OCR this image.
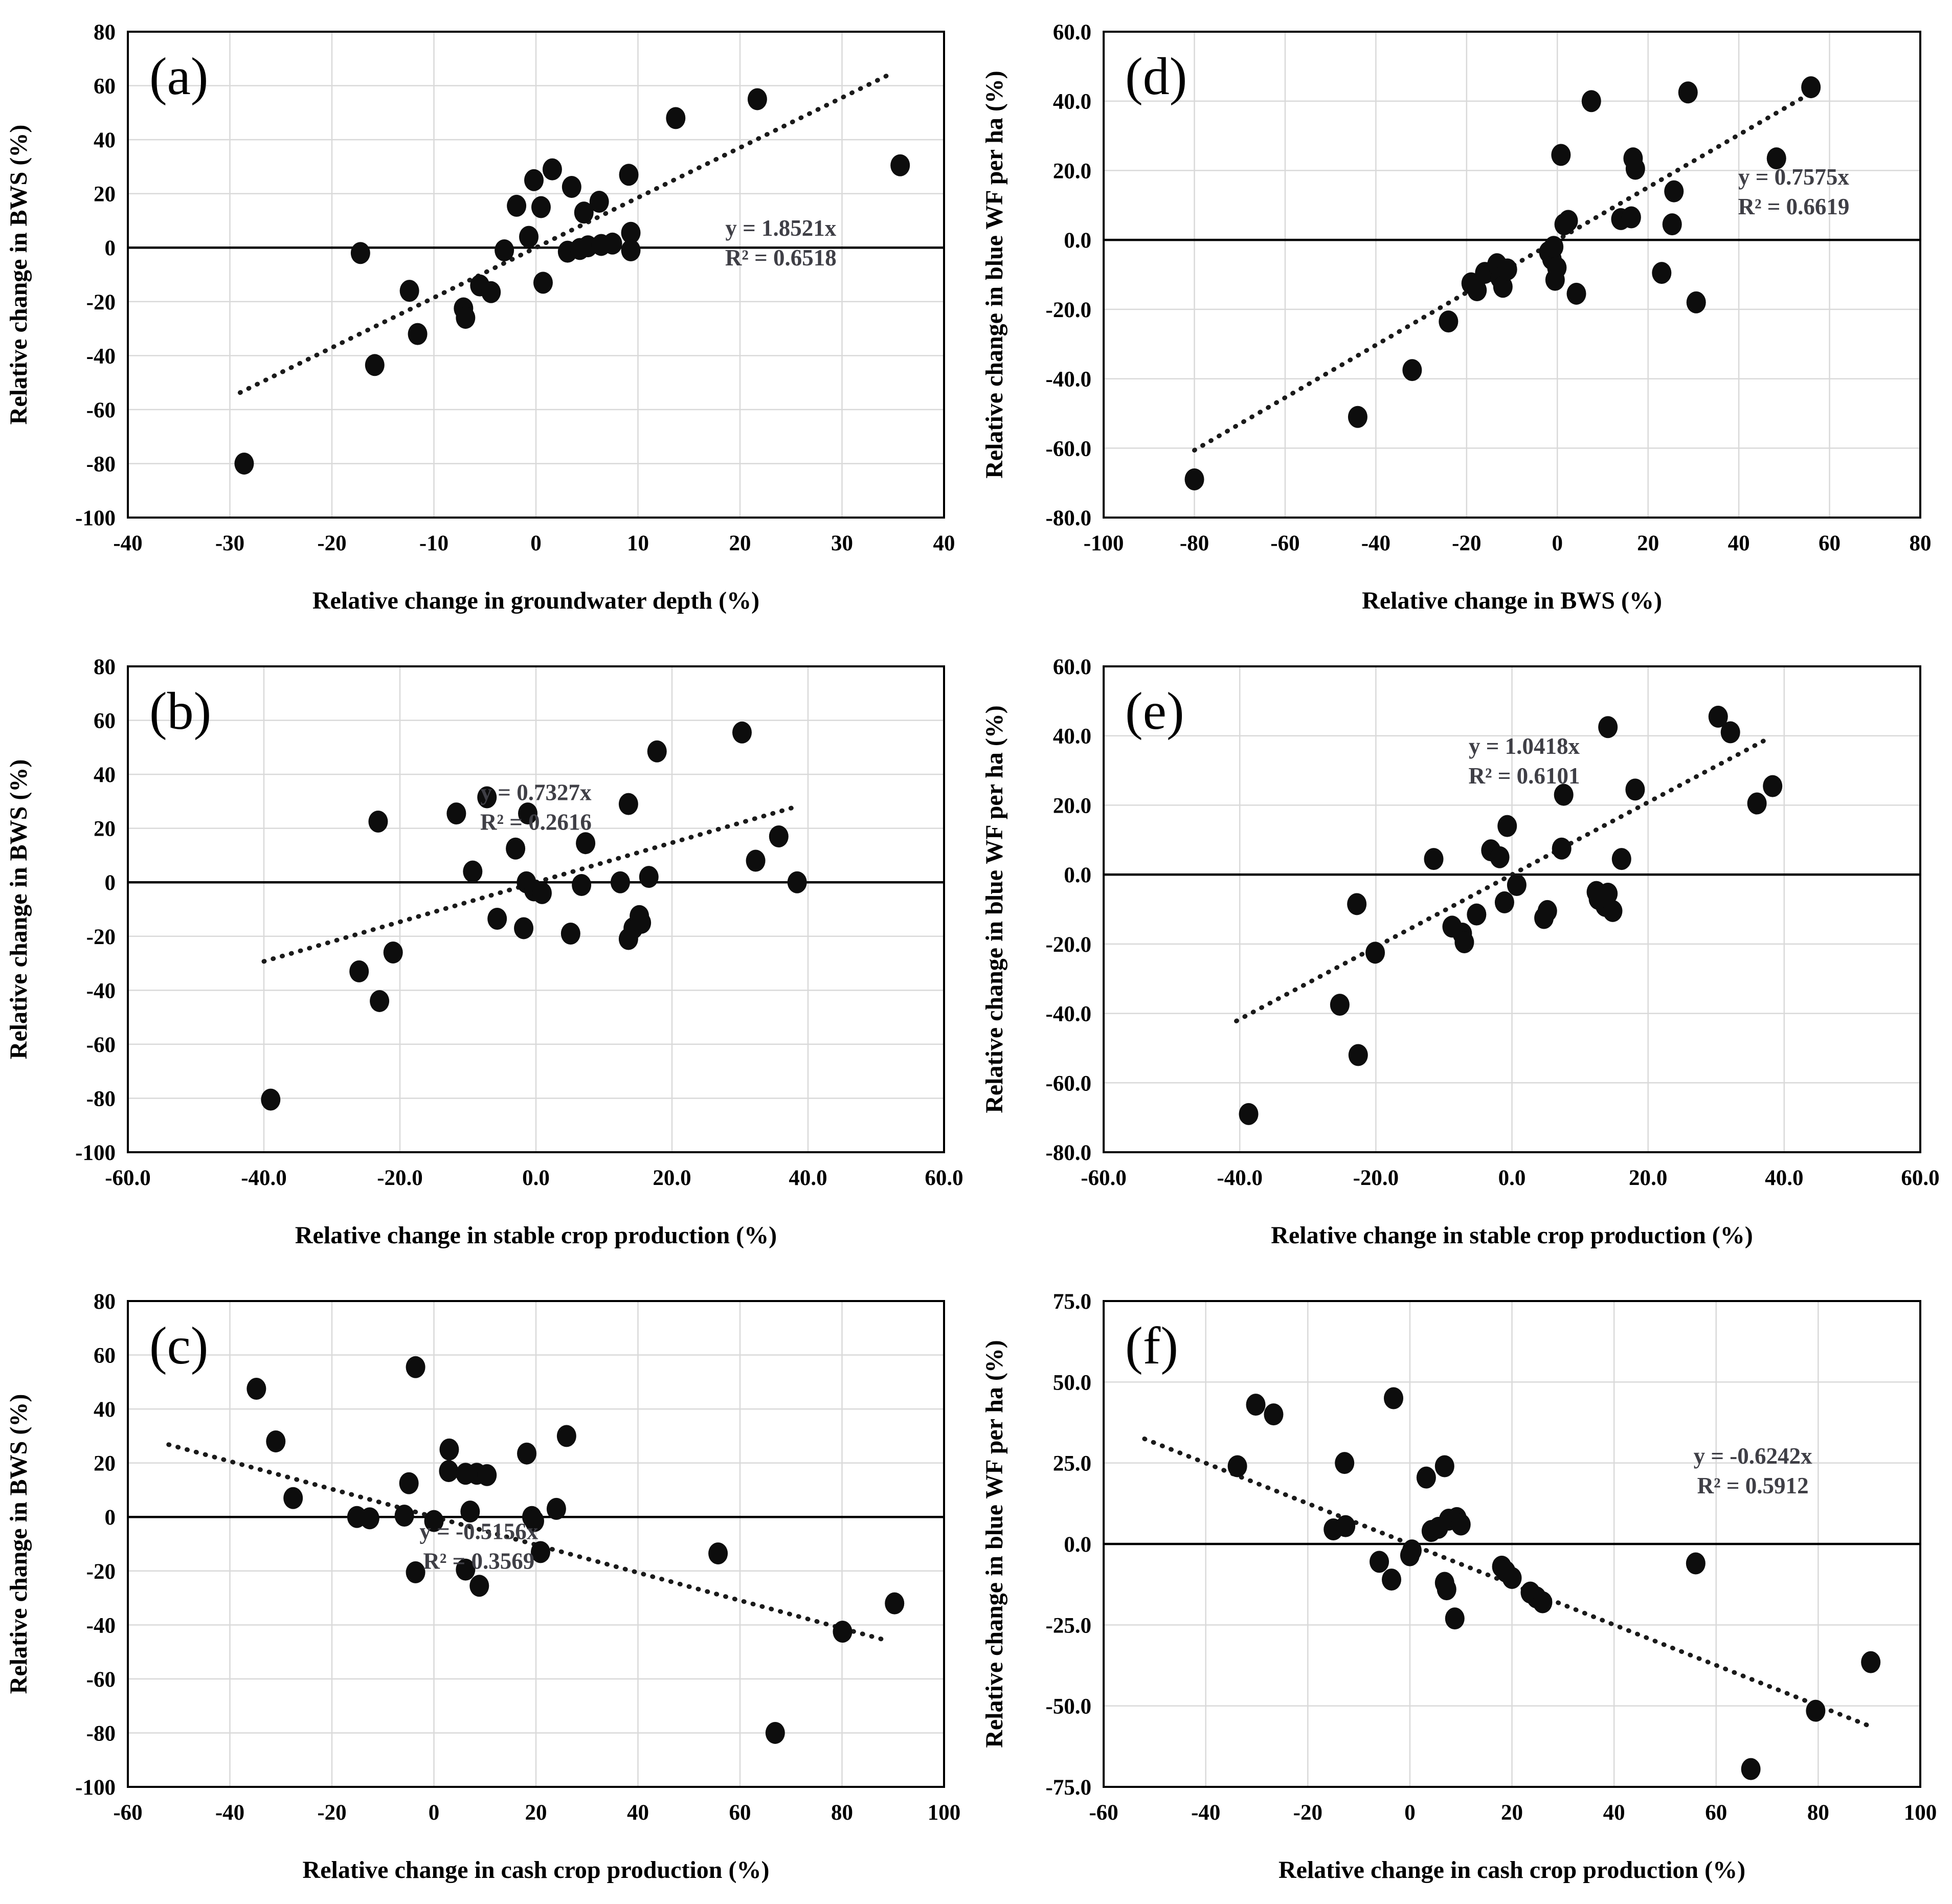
-40	-30	-20	-10	0	10	20	30	40
-100
-80
-60
-40
-20
0
20
40
60
80
Relative change in groundwater depth (%)
Relative change in BWS (%)
(a)
y = 1.8521x
R² = 0.6518
-100	-80	-60	-40	-20	0	20	40	60	80
-80.0
-60.0
-40.0
-20.0
0.0
20.0
40.0
60.0
Relative change in BWS (%)
Relative change in blue WF per ha (%) (d)
y = 0.7575x
R² = 0.6619
-60.0	-40.0	-20.0	0.0	20.0	40.0	60.0
-100
-80
-60
-40
-20
0
20
40
60
80
Relative change in stable crop production (%)
Relative change in BWS (%)
(b)
y = 0.7327x
R² = 0.2616
-60.0	-40.0	-20.0	0.0	20.0	40.0	60.0
-80.0
-60.0
-40.0
-20.0
0.0
20.0
40.0
60.0
Relative change in stable crop production (%)
Relative change in blue WF per ha (%) (e)
y = 1.0418x
R² = 0.6101
-60	-40	-20	0	20	40	60	80	100
-100
-80
-60
-40
-20
0
20
40
60
80
Relative change in cash crop production (%)
Relative change in BWS (%)
(c)
y = -0.5156x
R² = 0.3569
-60	-40	-20	0	20	40	60	80	100
-75.0
-50.0
-25.0
0.0
25.0
50.0
75.0
Relative change in cash crop production (%)
Relative change in blue WF per ha (%) (f)
y = -0.6242x
R² = 0.5912
